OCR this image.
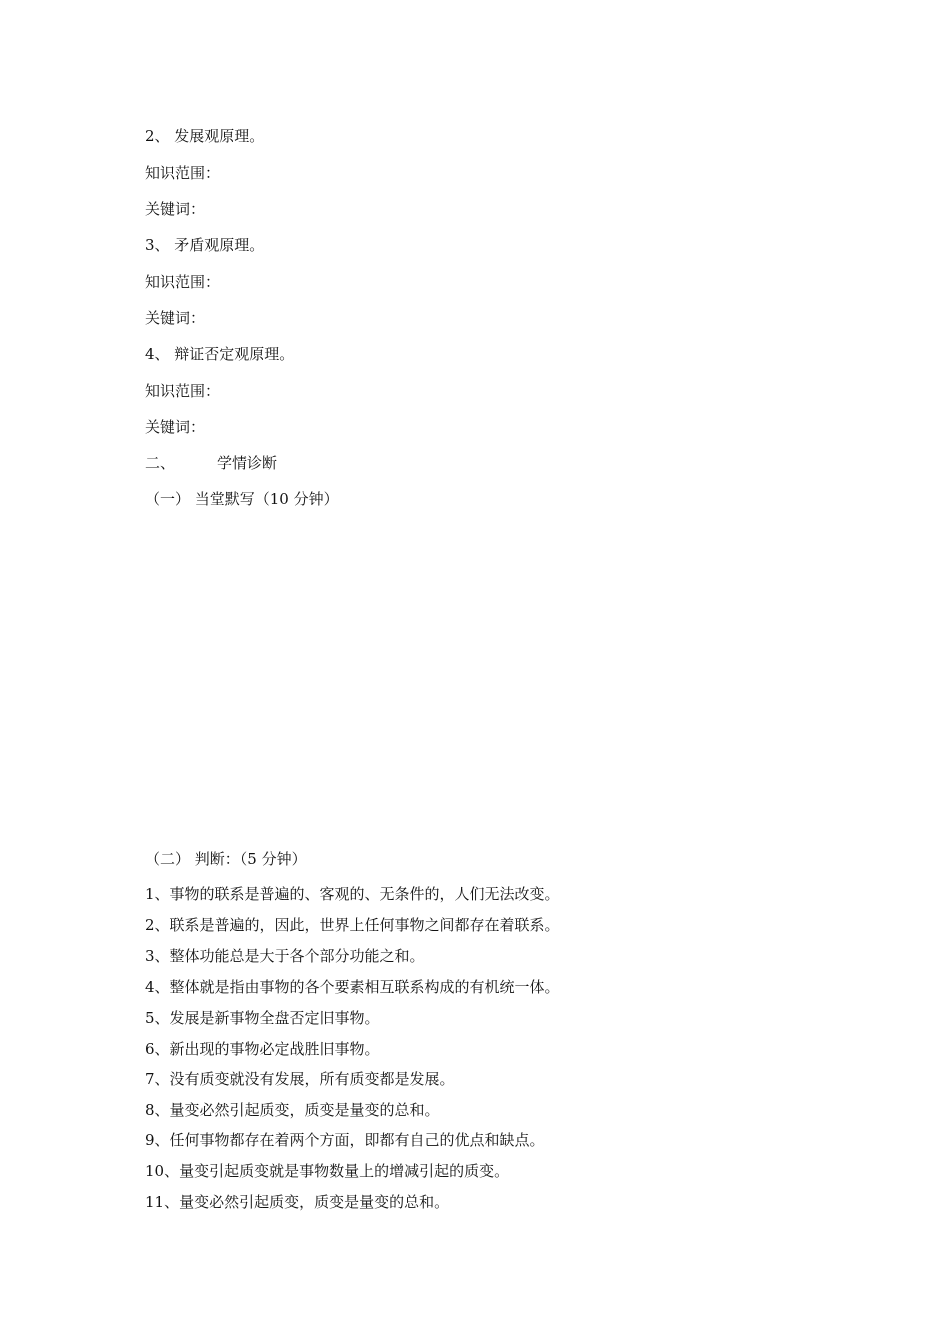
2、 发展观原理。
知识范围：
关键词：
3、 矛盾观原理。
知识范围：
关键词：
4、 辩证否定观原理。
知识范围：
关键词：
二、	学情诊断
（一） 当堂默写（10 分钟）
（二） 判断：（5 分钟）
1、事物的联系是普遍的、客观的、无条件的，人们无法改变。
2、联系是普遍的，因此，世界上任何事物之间都存在着联系。
3、整体功能总是大于各个部分功能之和。
4、整体就是指由事物的各个要素相互联系构成的有机统一体。
5、发展是新事物全盘否定旧事物。
6、新出现的事物必定战胜旧事物。
7、没有质变就没有发展，所有质变都是发展。
8、量变必然引起质变，质变是量变的总和。
9、任何事物都存在着两个方面，即都有自己的优点和缺点。
10、量变引起质变就是事物数量上的增减引起的质变。
11、量变必然引起质变，质变是量变的总和。
